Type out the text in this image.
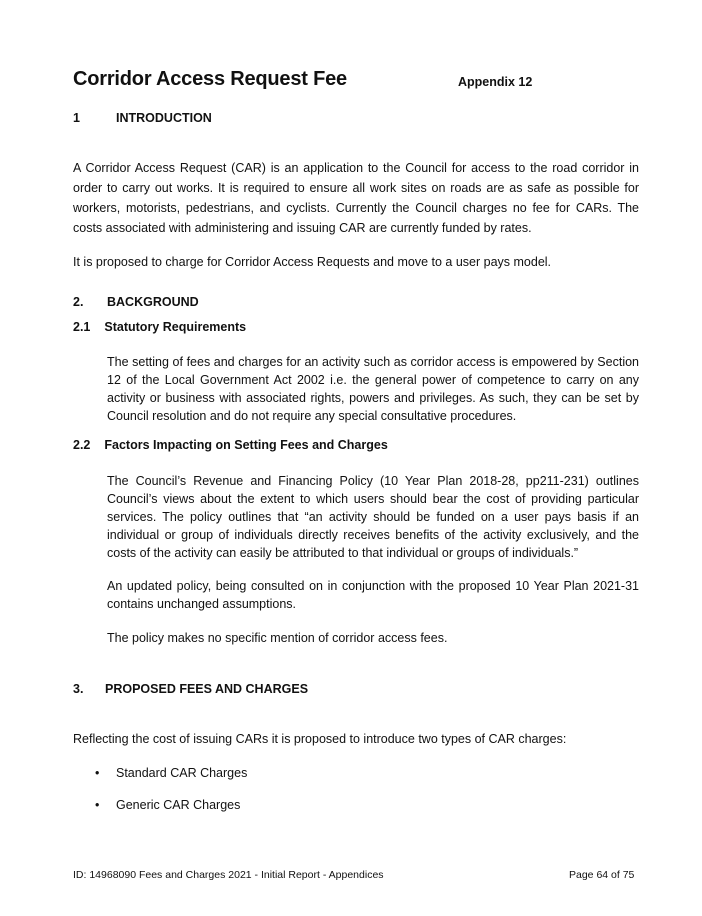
Corridor Access Request Fee	Appendix 12
1	INTRODUCTION

A Corridor Access Request (CAR) is an application to the Council for access to the road corridor in order to carry out works. It is required to ensure all work sites on roads are as safe as possible for workers, motorists, pedestrians, and cyclists. Currently the Council charges no fee for CARs. The costs associated with administering and issuing CAR are currently funded by rates.

It is proposed to charge for Corridor Access Requests and move to a user pays model.

2. BACKGROUND
2.1 Statutory Requirements

The setting of fees and charges for an activity such as corridor access is empowered by Section 12 of the Local Government Act 2002 i.e. the general power of competence to carry on any activity or business with associated rights, powers and privileges. As such, they can be set by Council resolution and do not require any special consultative procedures.

2.2 Factors Impacting on Setting Fees and Charges

The Council’s Revenue and Financing Policy (10 Year Plan 2018-28, pp211-231) outlines Council’s views about the extent to which users should bear the cost of providing particular services. The policy outlines that “an activity should be funded on a user pays basis if an individual or group of individuals directly receives benefits of the activity exclusively, and the costs of the activity can easily be attributed to that individual or groups of individuals.”

An updated policy, being consulted on in conjunction with the proposed 10 Year Plan 2021-31 contains unchanged assumptions.

The policy makes no specific mention of corridor access fees.

3. PROPOSED FEES AND CHARGES

Reflecting the cost of issuing CARs it is proposed to introduce two types of CAR charges:

• Standard CAR Charges
• Generic CAR Charges
ID: 14968090 Fees and Charges 2021 - Initial Report - Appendices	Page 64 of 75
